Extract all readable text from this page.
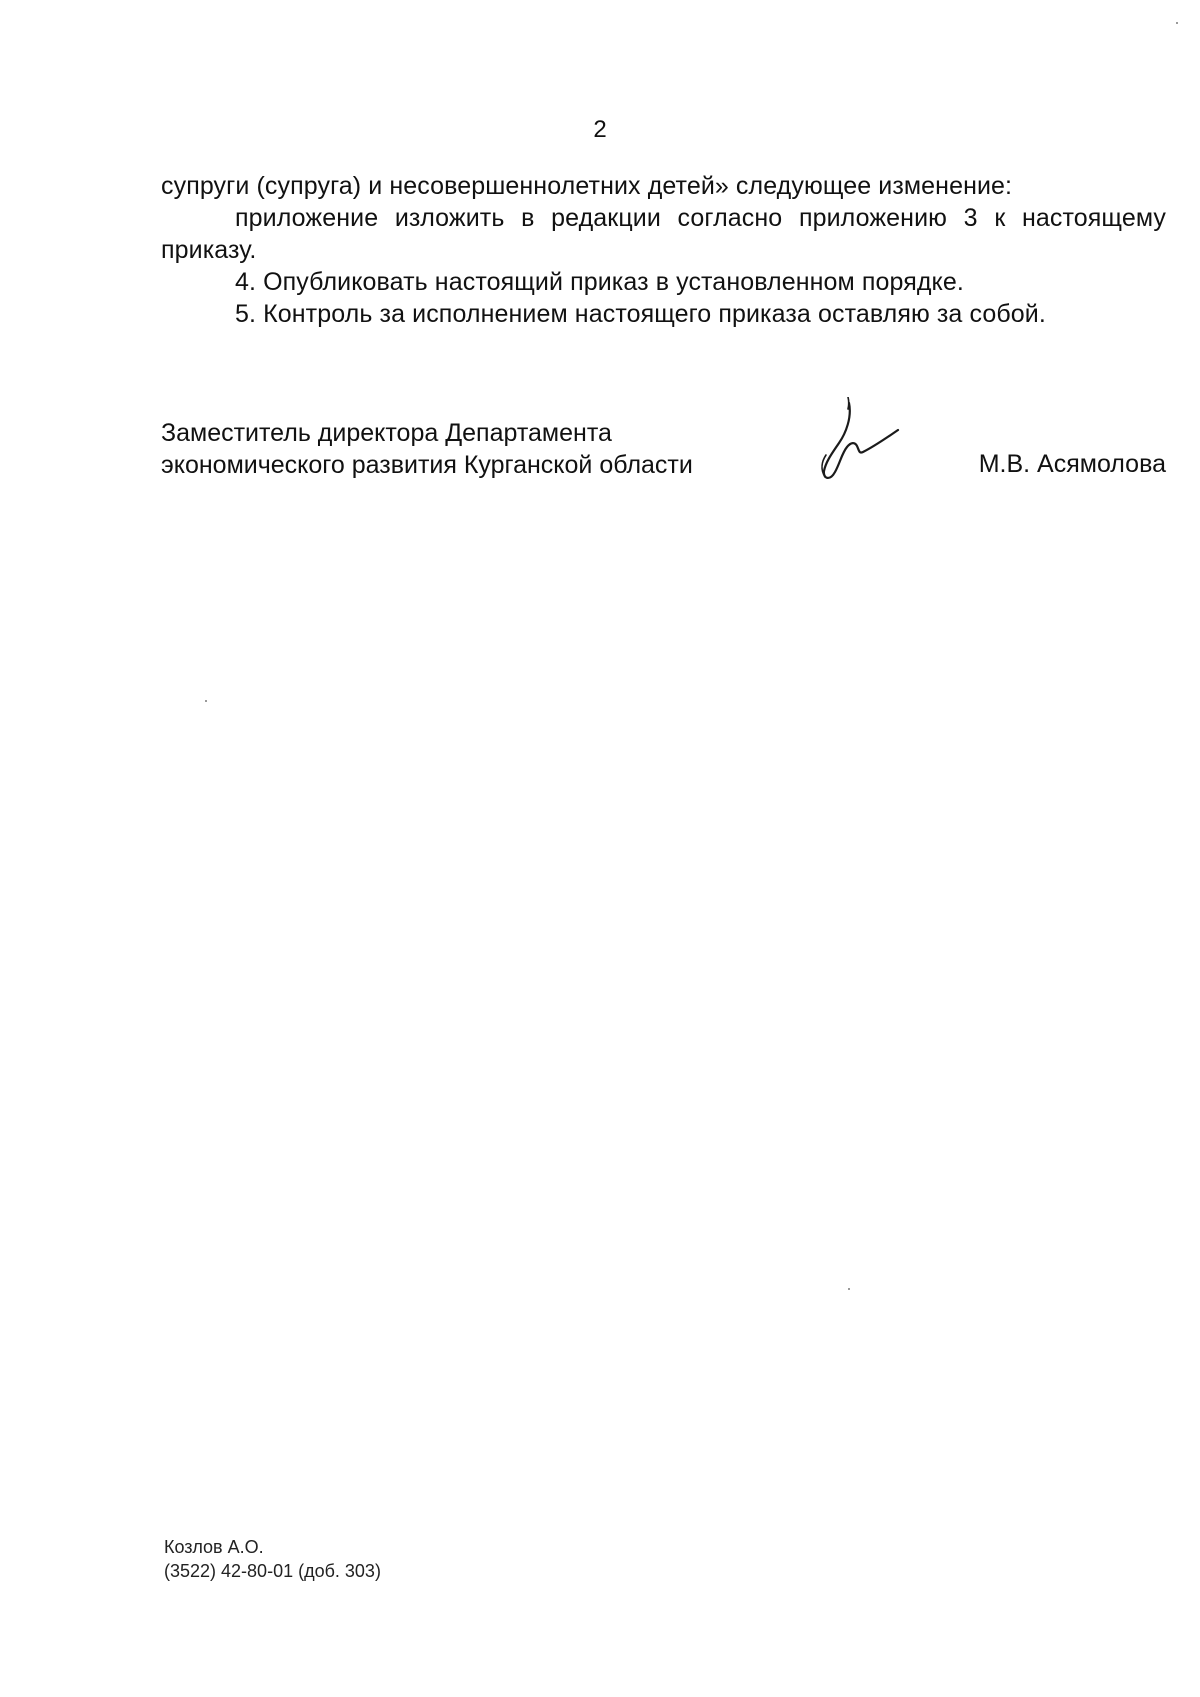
2

супруги (супруга) и несовершеннолетних детей» следующее изменение:

приложение изложить в редакции согласно приложению 3 к настоящему приказу.

4. Опубликовать настоящий приказ в установленном порядке.

5. Контроль за исполнением настоящего приказа оставляю за собой.

Заместитель директора Департамента
экономического развития Курганской области	М.В. Асямолова
Козлов А.О.
(3522) 42-80-01 (доб. 303)
